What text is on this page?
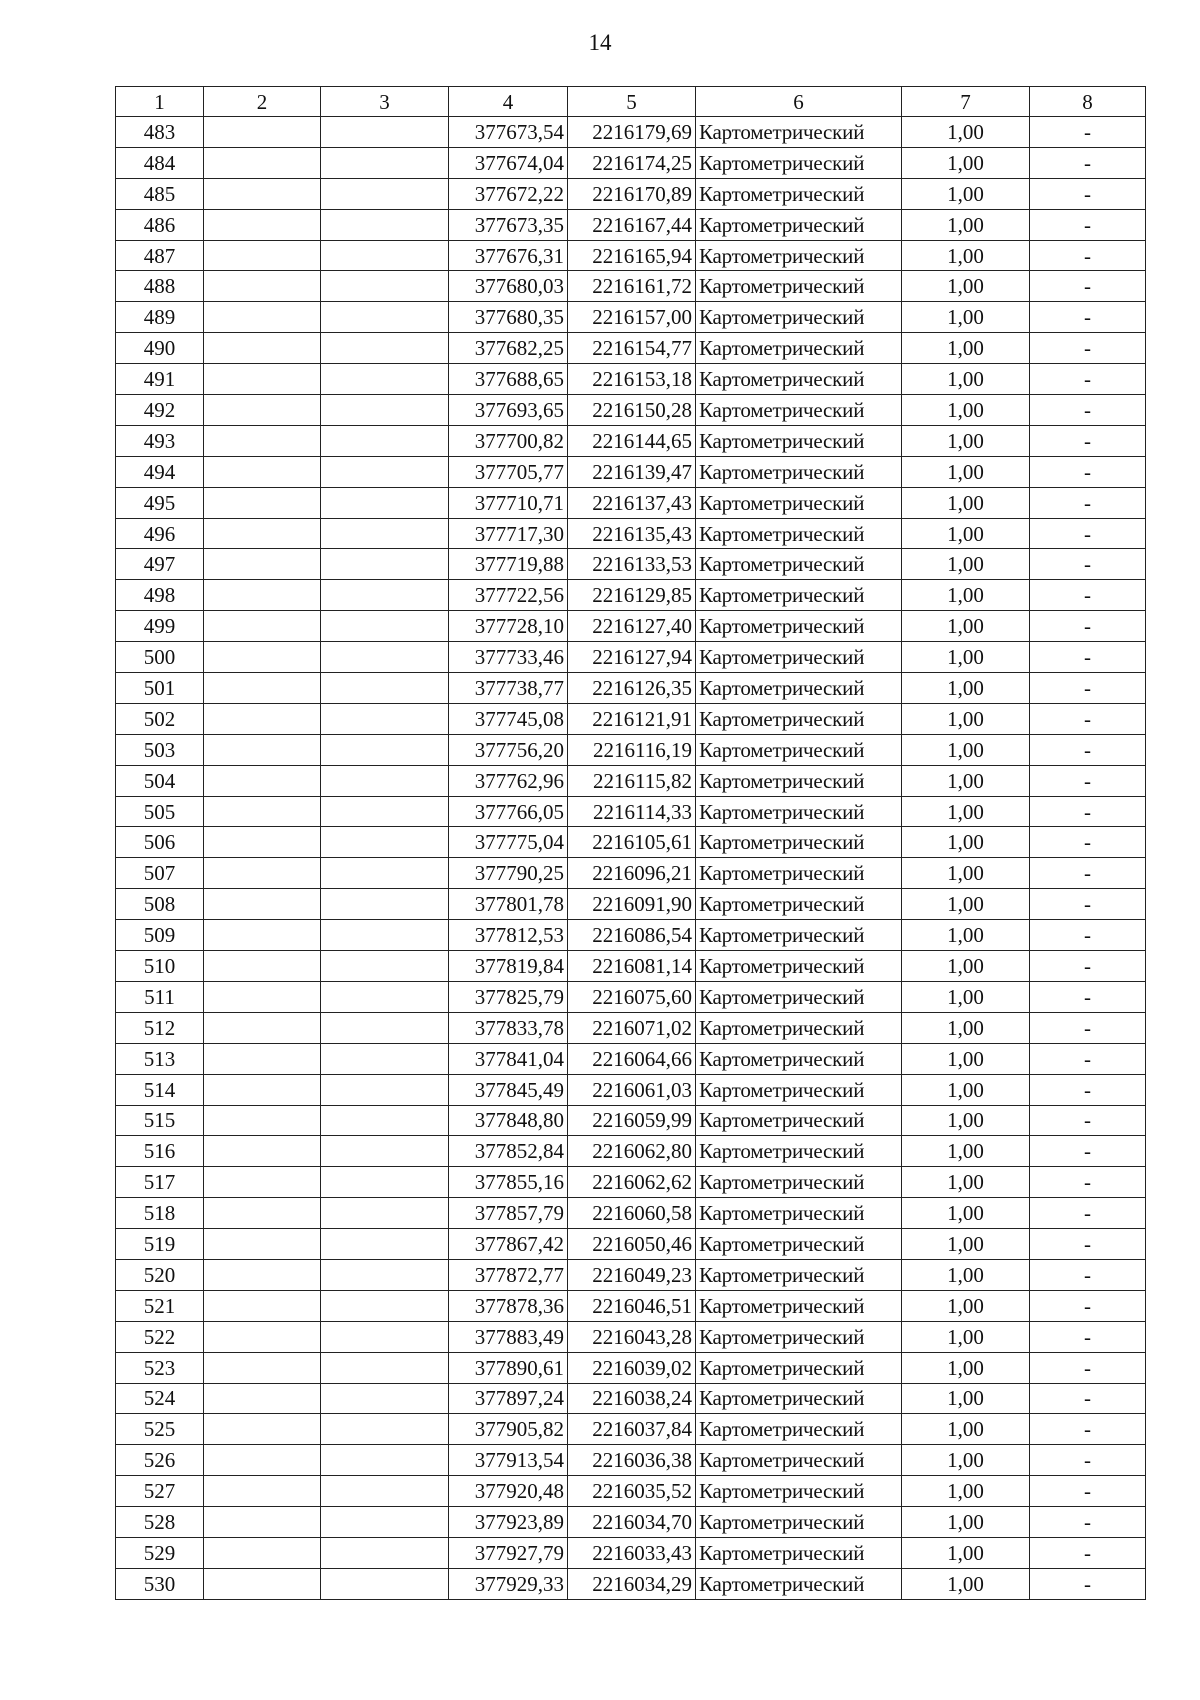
14
1	2	3	4	5	6	7	8
483			377673,54	2216179,69	Картометрический	1,00	-
484			377674,04	2216174,25	Картометрический	1,00	-
485			377672,22	2216170,89	Картометрический	1,00	-
486			377673,35	2216167,44	Картометрический	1,00	-
487			377676,31	2216165,94	Картометрический	1,00	-
488			377680,03	2216161,72	Картометрический	1,00	-
489			377680,35	2216157,00	Картометрический	1,00	-
490			377682,25	2216154,77	Картометрический	1,00	-
491			377688,65	2216153,18	Картометрический	1,00	-
492			377693,65	2216150,28	Картометрический	1,00	-
493			377700,82	2216144,65	Картометрический	1,00	-
494			377705,77	2216139,47	Картометрический	1,00	-
495			377710,71	2216137,43	Картометрический	1,00	-
496			377717,30	2216135,43	Картометрический	1,00	-
497			377719,88	2216133,53	Картометрический	1,00	-
498			377722,56	2216129,85	Картометрический	1,00	-
499			377728,10	2216127,40	Картометрический	1,00	-
500			377733,46	2216127,94	Картометрический	1,00	-
501			377738,77	2216126,35	Картометрический	1,00	-
502			377745,08	2216121,91	Картометрический	1,00	-
503			377756,20	2216116,19	Картометрический	1,00	-
504			377762,96	2216115,82	Картометрический	1,00	-
505			377766,05	2216114,33	Картометрический	1,00	-
506			377775,04	2216105,61	Картометрический	1,00	-
507			377790,25	2216096,21	Картометрический	1,00	-
508			377801,78	2216091,90	Картометрический	1,00	-
509			377812,53	2216086,54	Картометрический	1,00	-
510			377819,84	2216081,14	Картометрический	1,00	-
511			377825,79	2216075,60	Картометрический	1,00	-
512			377833,78	2216071,02	Картометрический	1,00	-
513			377841,04	2216064,66	Картометрический	1,00	-
514			377845,49	2216061,03	Картометрический	1,00	-
515			377848,80	2216059,99	Картометрический	1,00	-
516			377852,84	2216062,80	Картометрический	1,00	-
517			377855,16	2216062,62	Картометрический	1,00	-
518			377857,79	2216060,58	Картометрический	1,00	-
519			377867,42	2216050,46	Картометрический	1,00	-
520			377872,77	2216049,23	Картометрический	1,00	-
521			377878,36	2216046,51	Картометрический	1,00	-
522			377883,49	2216043,28	Картометрический	1,00	-
523			377890,61	2216039,02	Картометрический	1,00	-
524			377897,24	2216038,24	Картометрический	1,00	-
525			377905,82	2216037,84	Картометрический	1,00	-
526			377913,54	2216036,38	Картометрический	1,00	-
527			377920,48	2216035,52	Картометрический	1,00	-
528			377923,89	2216034,70	Картометрический	1,00	-
529			377927,79	2216033,43	Картометрический	1,00	-
530			377929,33	2216034,29	Картометрический	1,00	-
